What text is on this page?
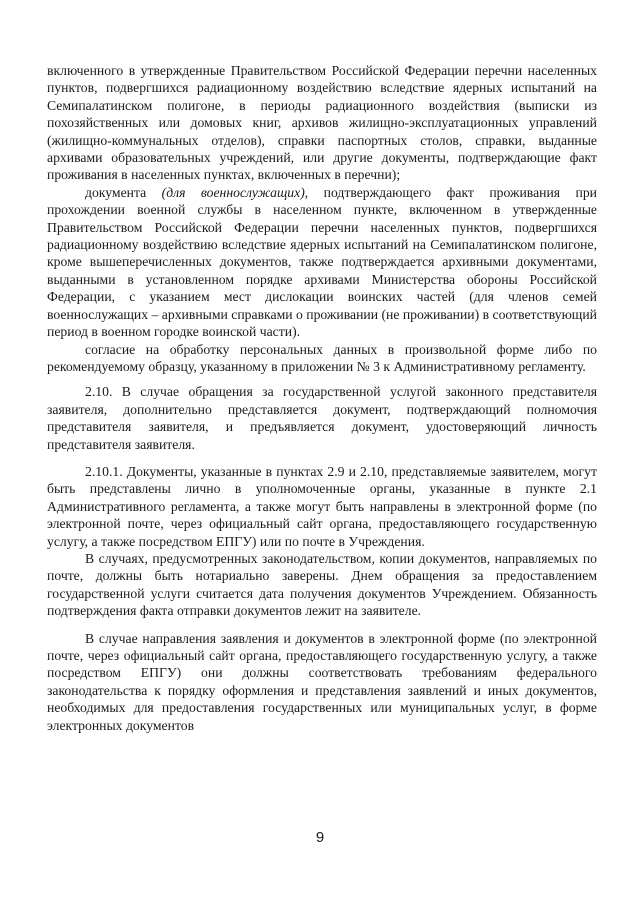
включенного в утвержденные Правительством Российской Федерации перечни населенных пунктов, подвергшихся радиационному воздействию вследствие ядерных испытаний на Семипалатинском полигоне, в периоды радиационного воздействия (выписки из похозяйственных или домовых книг, архивов жилищно-эксплуатационных управлений (жилищно-коммунальных отделов), справки паспортных столов, справки, выданные архивами образовательных учреждений, или другие документы, подтверждающие факт проживания в населенных пунктах, включенных в перечни);

документа (для военнослужащих), подтверждающего факт проживания при прохождении военной службы в населенном пункте, включенном в утвержденные Правительством Российской Федерации перечни населенных пунктов, подвергшихся радиационному воздействию вследствие ядерных испытаний на Семипалатинском полигоне, кроме вышеперечисленных документов, также подтверждается архивными документами, выданными в установленном порядке архивами Министерства обороны Российской Федерации, с указанием мест дислокации воинских частей (для членов семей военнослужащих – архивными справками о проживании (не проживании) в соответствующий период в военном городке воинской части).

согласие на обработку персональных данных в произвольной форме либо по рекомендуемому образцу, указанному в приложении № 3 к Административному регламенту.

2.10. В случае обращения за государственной услугой законного представителя заявителя, дополнительно представляется документ, подтверждающий полномочия представителя заявителя, и предъявляется документ, удостоверяющий личность представителя заявителя.

2.10.1. Документы, указанные в пунктах 2.9 и 2.10, представляемые заявителем, могут быть представлены лично в уполномоченные органы, указанные в пункте 2.1 Административного регламента, а также могут быть направлены в электронной форме (по электронной почте, через официальный сайт органа, предоставляющего государственную услугу, а также посредством ЕПГУ) или по почте в Учреждения.

В случаях, предусмотренных законодательством, копии документов, направляемых по почте, должны быть нотариально заверены. Днем обращения за предоставлением государственной услуги считается дата получения документов Учреждением. Обязанность подтверждения факта отправки документов лежит на заявителе.

В случае направления заявления и документов в электронной форме (по электронной почте, через официальный сайт органа, предоставляющего государственную услугу, а также посредством ЕПГУ) они должны соответствовать требованиям федерального законодательства к порядку оформления и представления заявлений и иных документов, необходимых для предоставления государственных или муниципальных услуг, в форме электронных документов

9
